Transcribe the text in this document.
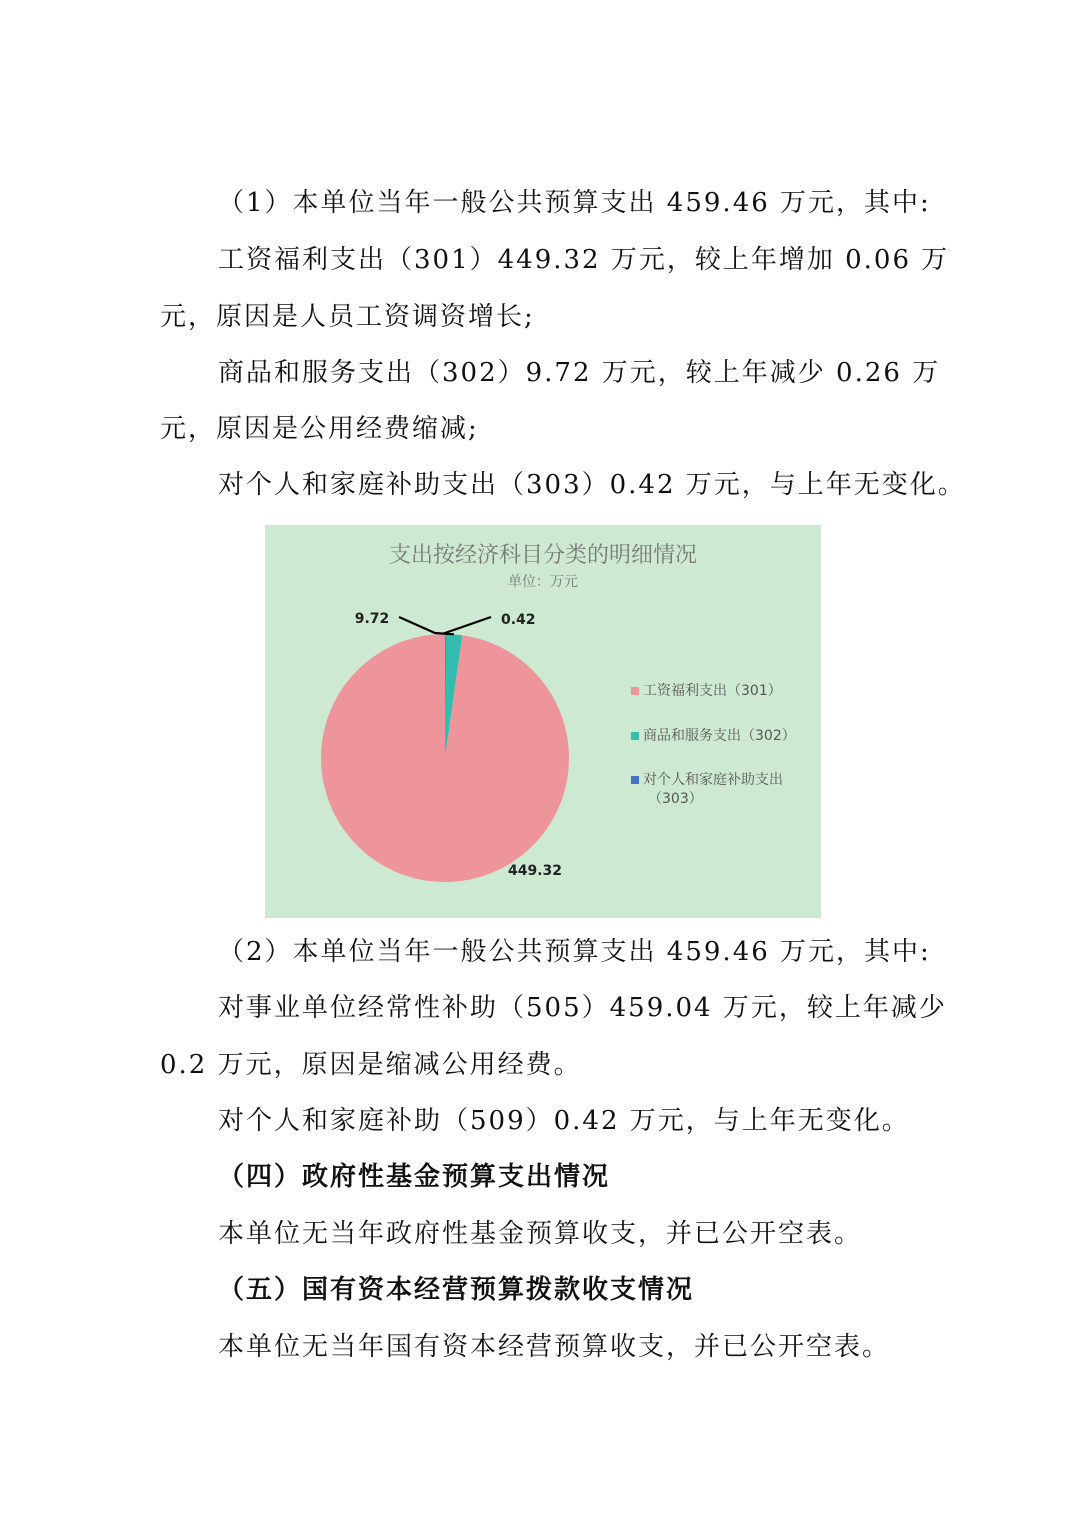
（1）本单位当年一般公共预算支出 459.46 万元，其中:
工资福利支出（301）449.32 万元，较上年增加 0.06 万
元，原因是人员工资调资增长;
商品和服务支出（302）9.72 万元，较上年减少 0.26 万
元，原因是公用经费缩减;
对个人和家庭补助支出（303）0.42 万元，与上年无变化。
支出按经济科目分类的明细情况
单位：万元
449.32
9.72	0.42
工资福利支出（301）
商品和服务支出（302）
对个人和家庭补助支出
（303）
（2）本单位当年一般公共预算支出 459.46 万元，其中:
对事业单位经常性补助（505）459.04 万元，较上年减少
0.2 万元，原因是缩减公用经费。
对个人和家庭补助（509）0.42 万元，与上年无变化。
（四）政府性基金预算支出情况
本单位无当年政府性基金预算收支，并已公开空表。
（五）国有资本经营预算拨款收支情况
本单位无当年国有资本经营预算收支，并已公开空表。
